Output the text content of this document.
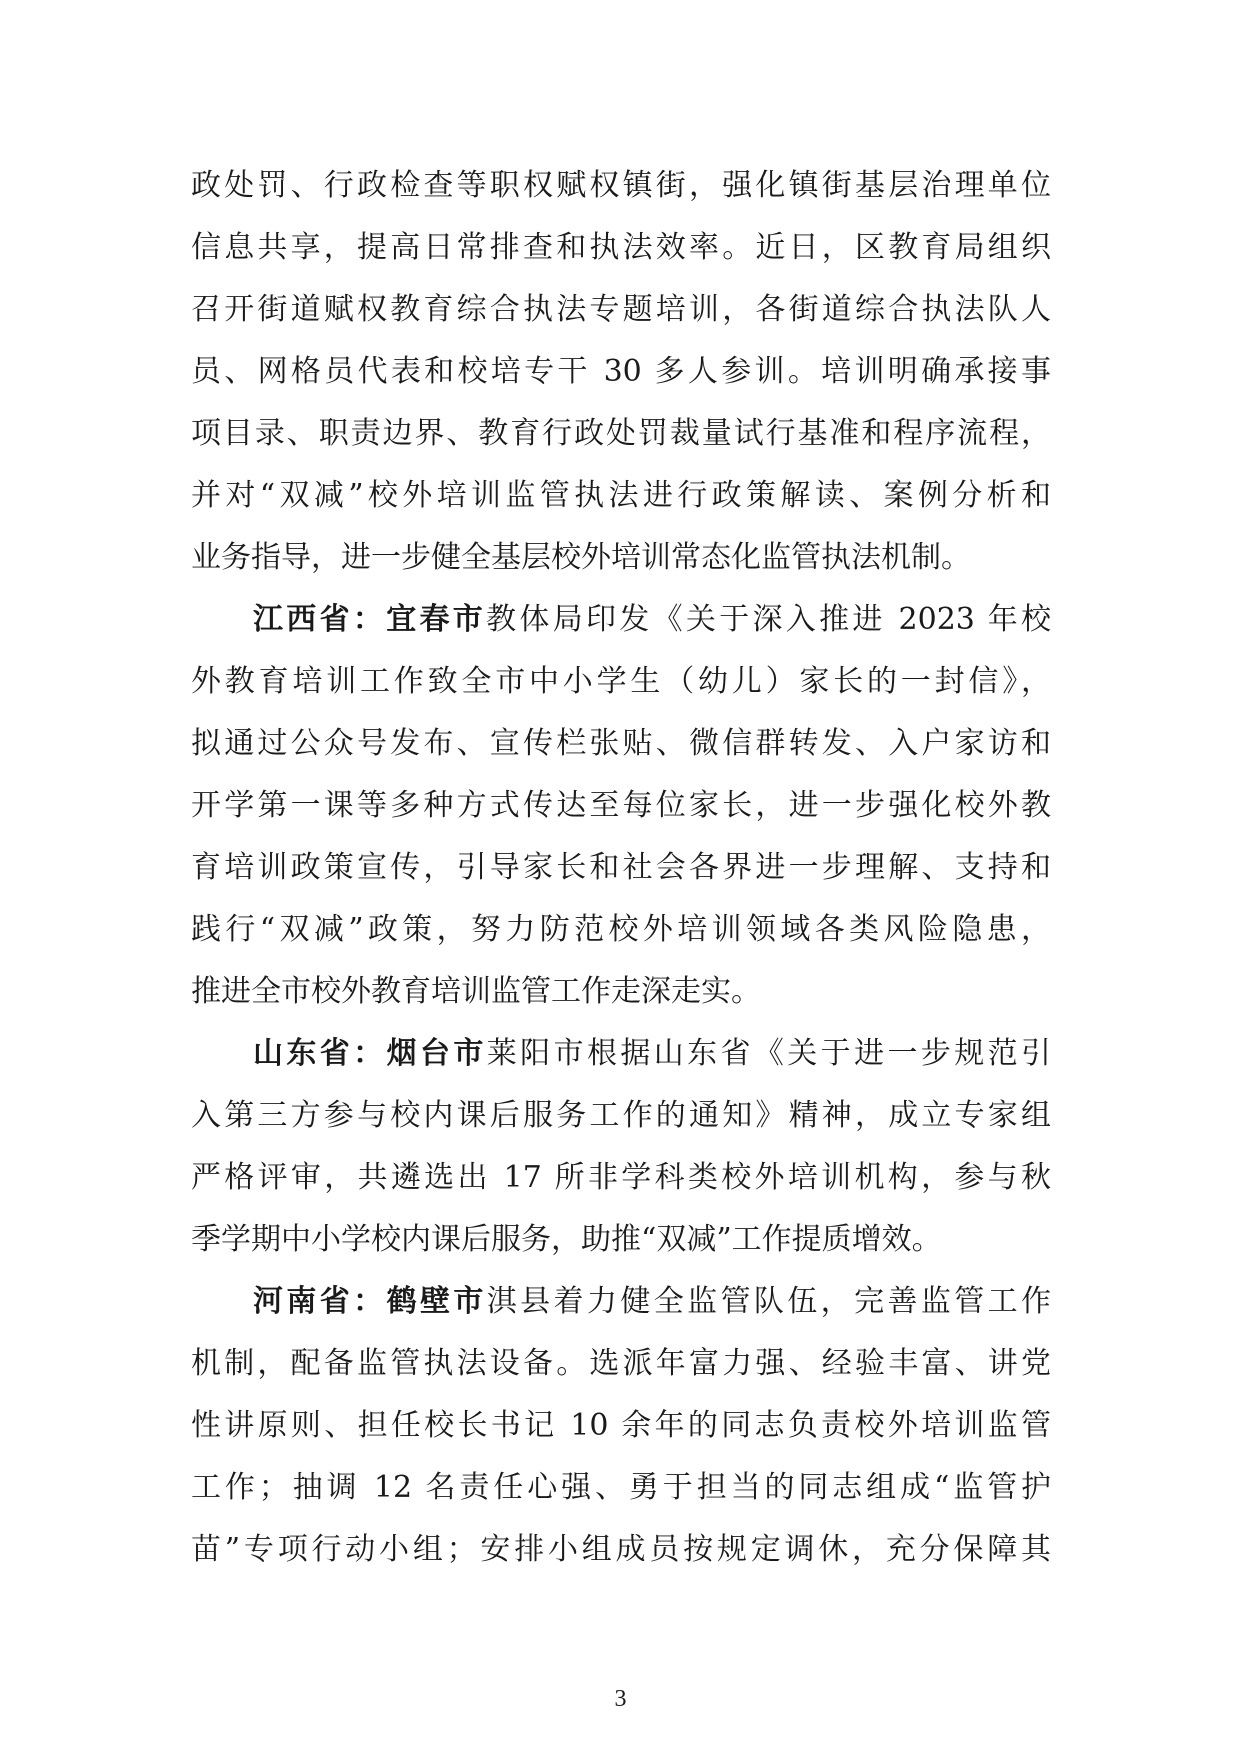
政处罚、行政检查等职权赋权镇街，强化镇街基层治理单位
信息共享，提高日常排查和执法效率。近日，区教育局组织
召开街道赋权教育综合执法专题培训，各街道综合执法队人
员、网格员代表和校培专干 30 多人参训。培训明确承接事
项目录、职责边界、教育行政处罚裁量试行基准和程序流程，
并对“双减”校外培训监管执法进行政策解读、案例分析和
业务指导，进一步健全基层校外培训常态化监管执法机制。
江西省：宜春市教体局印发《关于深入推进 2023 年校
外教育培训工作致全市中小学生（幼儿）家长的一封信》，
拟通过公众号发布、宣传栏张贴、微信群转发、入户家访和
开学第一课等多种方式传达至每位家长，进一步强化校外教
育培训政策宣传，引导家长和社会各界进一步理解、支持和
践行“双减”政策，努力防范校外培训领域各类风险隐患，
推进全市校外教育培训监管工作走深走实。
山东省：烟台市莱阳市根据山东省《关于进一步规范引
入第三方参与校内课后服务工作的通知》精神，成立专家组
严格评审，共遴选出 17 所非学科类校外培训机构，参与秋
季学期中小学校内课后服务，助推“双减”工作提质增效。
河南省：鹤壁市淇县着力健全监管队伍，完善监管工作
机制，配备监管执法设备。选派年富力强、经验丰富、讲党
性讲原则、担任校长书记 10 余年的同志负责校外培训监管
工作；抽调 12 名责任心强、勇于担当的同志组成“监管护
苗”专项行动小组；安排小组成员按规定调休，充分保障其
3
